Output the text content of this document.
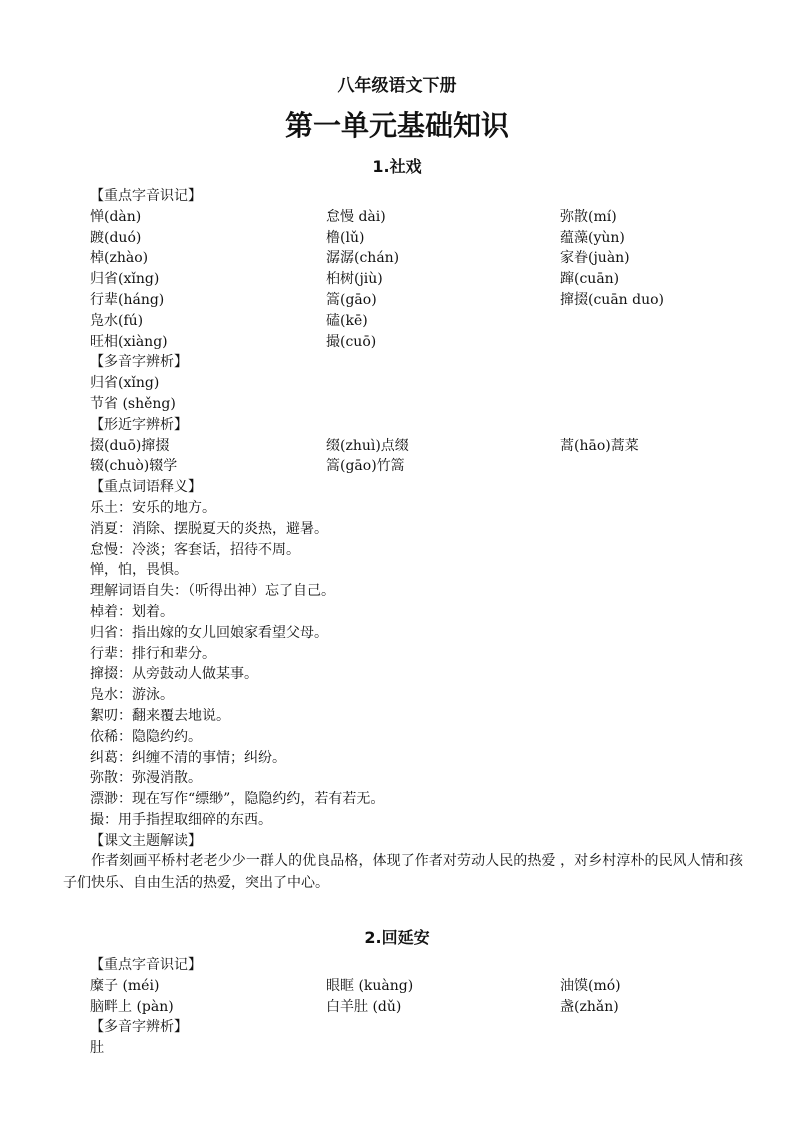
八年级语文下册
第一单元基础知识
1.社戏
【重点字音识记】
惮(dàn)	怠慢 dài)	弥散(mí)
踱(duó)	橹(lǔ)	蕴藻(yùn)
棹(zhào)	潺潺(chán)	家眷(juàn)
归省(xǐng)	桕树(jiù)	蹿(cuān)
行辈(háng)	篙(gāo)	撺掇(cuān duo)
凫水(fú)	磕(kē)
旺相(xiàng)	撮(cuō)
【多音字辨析】
归省(xǐng)
节省 (shěng)
【形近字辨析】
掇(duō)撺掇	缀(zhuì)点缀	蒿(hāo)蒿菜
辍(chuò)辍学	篙(gāo)竹篙
【重点词语释义】
乐土：安乐的地方。
消夏：消除、摆脱夏天的炎热，避暑。
怠慢：冷淡；客套话，招待不周。
惮，怕，畏惧。
理解词语自失：（听得出神）忘了自己。
棹着：划着。
归省：指出嫁的女儿回娘家看望父母。
行辈：排行和辈分。
撺掇：从旁鼓动人做某事。
凫水：游泳。
絮叨：翻来覆去地说。
依稀：隐隐约约。
纠葛：纠缠不清的事情；纠纷。
弥散：弥漫消散。
漂渺：现在写作“缥缈”，隐隐约约，若有若无。
撮：用手指捏取细碎的东西。
【课文主题解读】
作者刻画平桥村老老少少一群人的优良品格，体现了作者对劳动人民的热爱 ，对乡村淳朴的民风人情和孩子们快乐、自由生活的热爱，突出了中心。
2.回延安
【重点字音识记】
糜子 (méi)	眼眶 (kuàng)	油馍(mó)
脑畔上 (pàn)	白羊肚 (dǔ)	盏(zhǎn)
【多音字辨析】
肚
